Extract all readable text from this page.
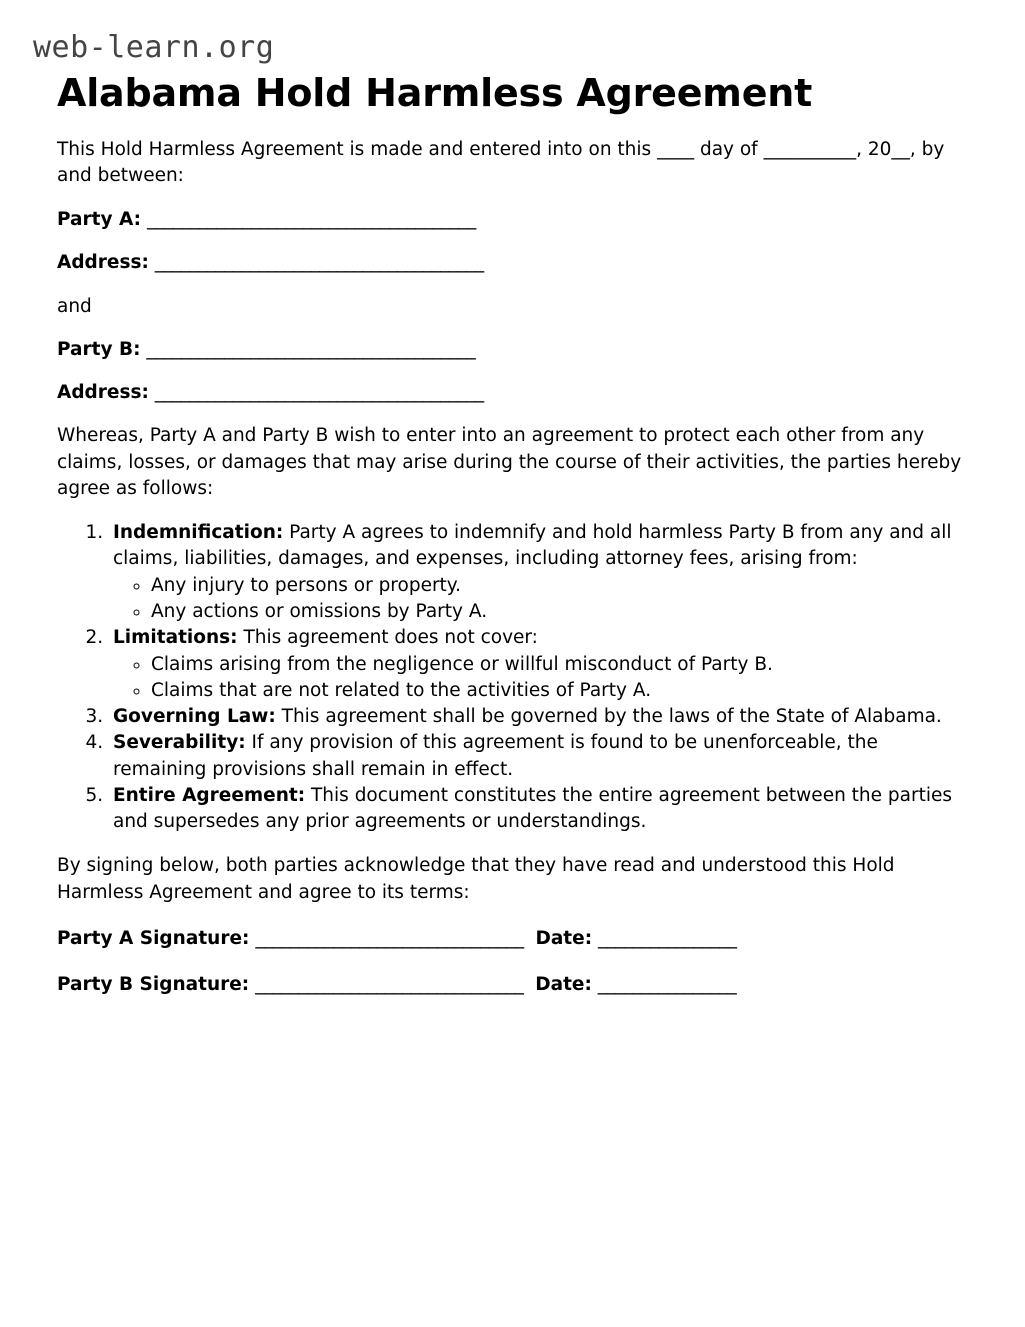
web-learn.org
Alabama Hold Harmless Agreement

This Hold Harmless Agreement is made and entered into on this ____ day of __________, 20__, by and between:

Party A: ______________________________________

Address: ______________________________________

and

Party B: ______________________________________

Address: ______________________________________

Whereas, Party A and Party B wish to enter into an agreement to protect each other from any claims, losses, or damages that may arise during the course of their activities, the parties hereby agree as follows:

1. Indemnification: Party A agrees to indemnify and hold harmless Party B from any and all claims, liabilities, damages, and expenses, including attorney fees, arising from:
◦ Any injury to persons or property.
◦ Any actions or omissions by Party A.
2. Limitations: This agreement does not cover:
◦ Claims arising from the negligence or willful misconduct of Party B.
◦ Claims that are not related to the activities of Party A.
3. Governing Law: This agreement shall be governed by the laws of the State of Alabama.
4. Severability: If any provision of this agreement is found to be unenforceable, the remaining provisions shall remain in effect.
5. Entire Agreement: This document constitutes the entire agreement between the parties and supersedes any prior agreements or understandings.

By signing below, both parties acknowledge that they have read and understood this Hold Harmless Agreement and agree to its terms:

Party A Signature: _______________________________ Date: ________________

Party B Signature: _______________________________ Date: ________________
